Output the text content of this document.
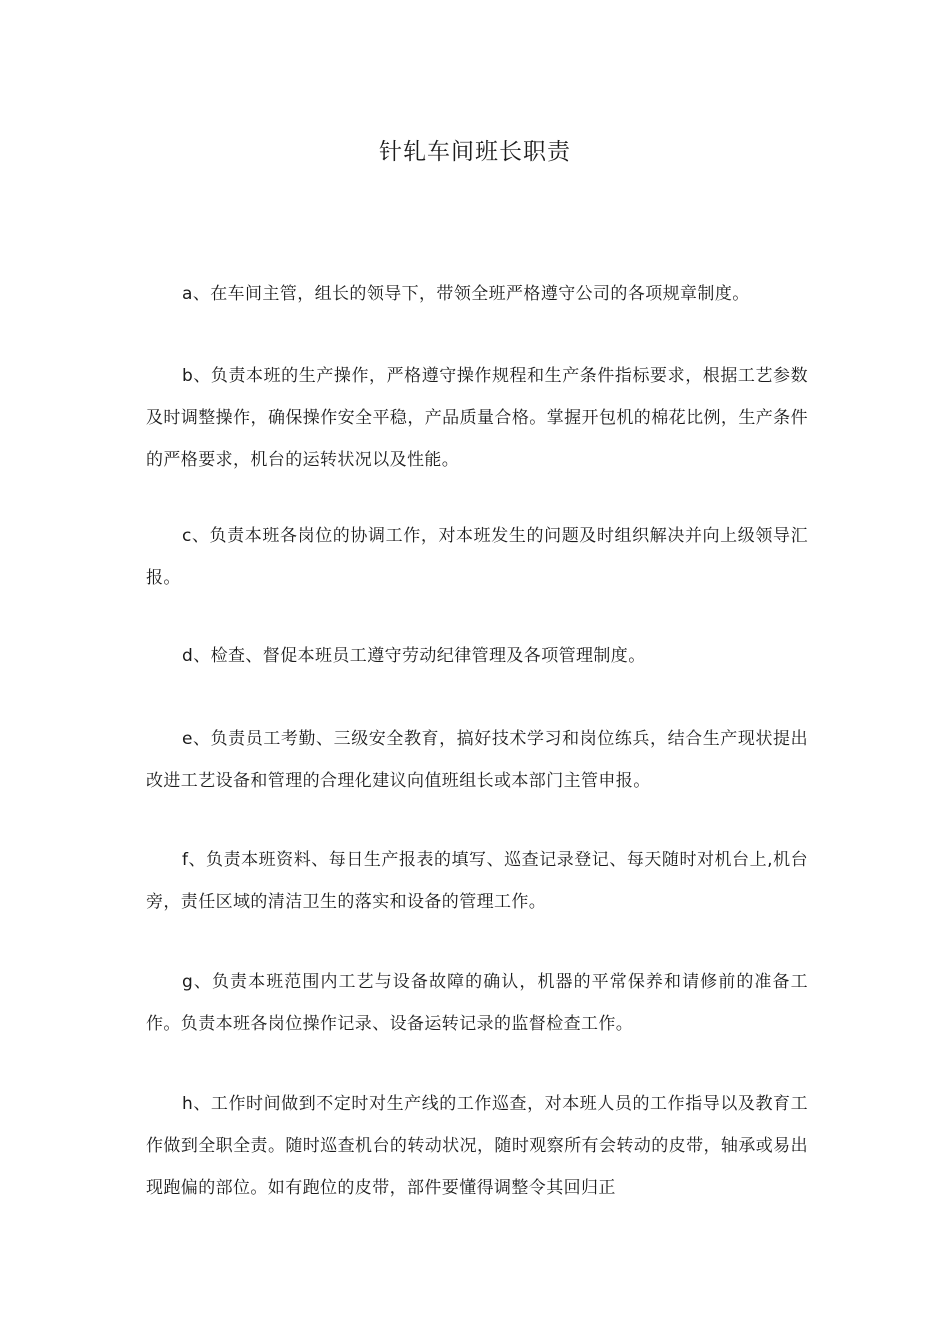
针轧车间班长职责

a、在车间主管，组长的领导下，带领全班严格遵守公司的各项规章制度。

b、负责本班的生产操作，严格遵守操作规程和生产条件指标要求，根据工艺参数及时调整操作，确保操作安全平稳，产品质量合格。掌握开包机的棉花比例，生产条件的严格要求，机台的运转状况以及性能。

c、负责本班各岗位的协调工作，对本班发生的问题及时组织解决并向上级领导汇报。

d、检查、督促本班员工遵守劳动纪律管理及各项管理制度。

e、负责员工考勤、三级安全教育，搞好技术学习和岗位练兵，结合生产现状提出改进工艺设备和管理的合理化建议向值班组长或本部门主管申报。

f、负责本班资料、每日生产报表的填写、巡查记录登记、每天随时对机台上,机台旁，责任区域的清洁卫生的落实和设备的管理工作。

g、负责本班范围内工艺与设备故障的确认，机器的平常保养和请修前的准备工作。负责本班各岗位操作记录、设备运转记录的监督检查工作。

h、工作时间做到不定时对生产线的工作巡查，对本班人员的工作指导以及教育工作做到全职全责。随时巡查机台的转动状况，随时观察所有会转动的皮带，轴承或易出现跑偏的部位。如有跑位的皮带，部件要懂得调整令其回归正
